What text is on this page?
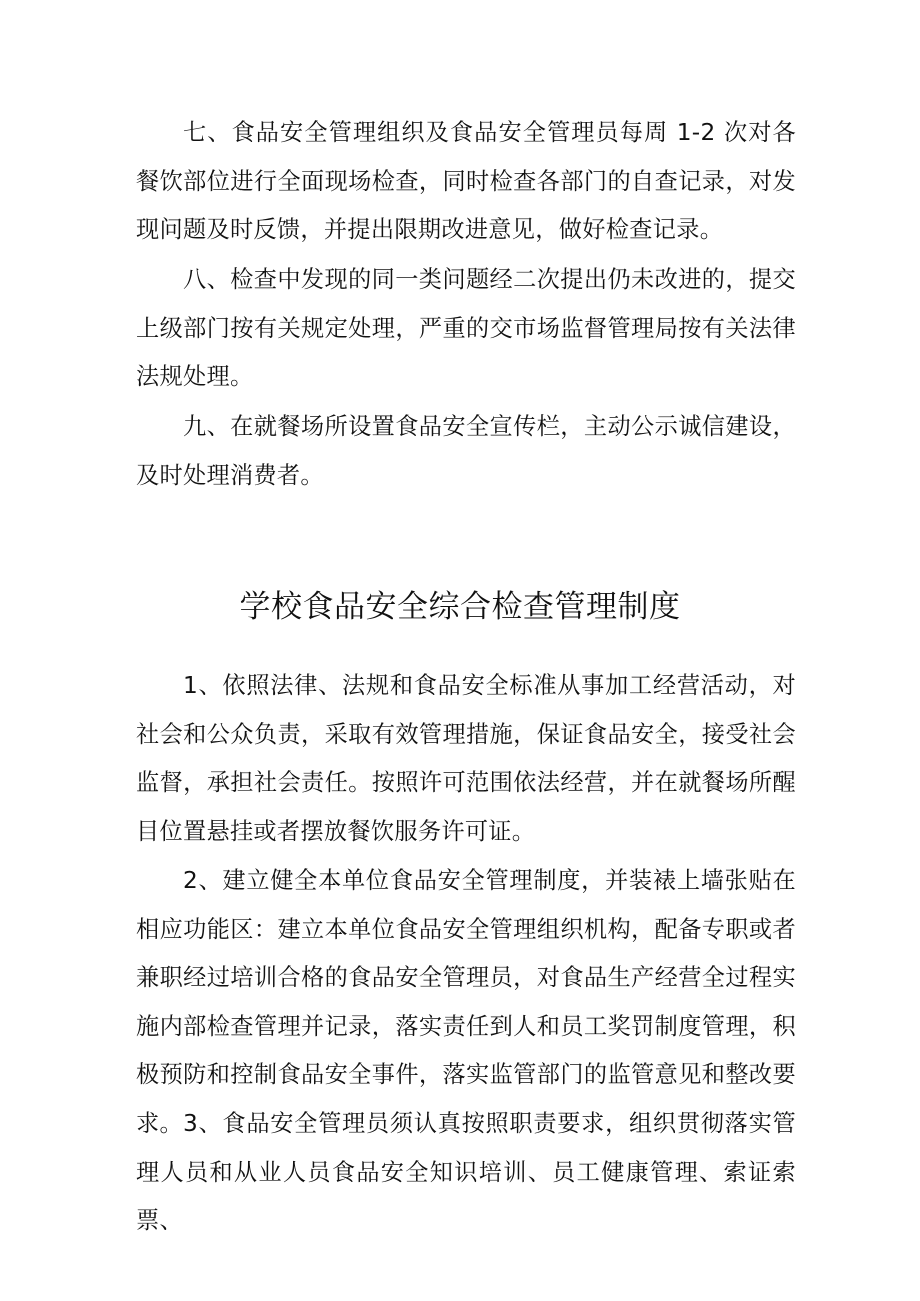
七、食品安全管理组织及食品安全管理员每周 1-2 次对各餐饮部位进行全面现场检查，同时检查各部门的自查记录，对发现问题及时反馈，并提出限期改进意见，做好检查记录。

八、检查中发现的同一类问题经二次提出仍未改进的，提交上级部门按有关规定处理，严重的交市场监督管理局按有关法律法规处理。

九、在就餐场所设置食品安全宣传栏，主动公示诚信建设，及时处理消费者。

学校食品安全综合检查管理制度

1、依照法律、法规和食品安全标准从事加工经营活动，对社会和公众负责，采取有效管理措施，保证食品安全，接受社会监督，承担社会责任。按照许可范围依法经营，并在就餐场所醒目位置悬挂或者摆放餐饮服务许可证。

2、建立健全本单位食品安全管理制度，并装裱上墙张贴在相应功能区：建立本单位食品安全管理组织机构，配备专职或者兼职经过培训合格的食品安全管理员，对食品生产经营全过程实施内部检查管理并记录，落实责任到人和员工奖罚制度管理，积极预防和控制食品安全事件，落实监管部门的监管意见和整改要求。 3、食品安全管理员须认真按照职责要求，组织贯彻落实管理人员和从业人员食品安全知识培训、员工健康管理、索证索票、
